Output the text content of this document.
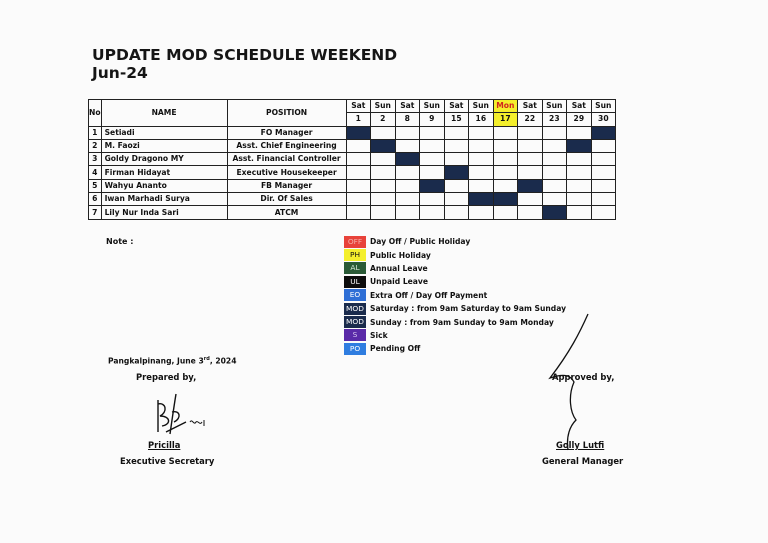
UPDATE MOD SCHEDULE WEEKEND
Jun-24
No	NAME	POSITION	Sat	Sun	Sat	Sun	Sat	Sun	Mon	Sat	Sun	Sat	Sun
			1	2	8	9	15	16	17	22	23	29	30
1	Setiadi	FO Manager											
2	M. Faozi	Asst. Chief Engineering											
3	Goldy Dragono MY	Asst. Financial Controller											
4	Firman Hidayat	Executive Housekeeper											
5	Wahyu Ananto	FB Manager											
6	Iwan Marhadi Surya	Dir. Of Sales											
7	Lily Nur Inda Sari	ATCM											
Note :	OFF	Day Off / Public Holiday
PH	Public Holiday
AL	Annual Leave
UL	Unpaid Leave
EO	Extra Off / Day Off Payment
MOD Saturday : from 9am Saturday to 9am Sunday
MOD Sunday : from 9am Sunday to 9am Monday
S	Sick
PO	Pending Off
Pangkalpinang, June 3rd, 2024
Prepared by,
Pricilla
Executive Secretary
Approved by,
Golly Lutfi
General Manager
